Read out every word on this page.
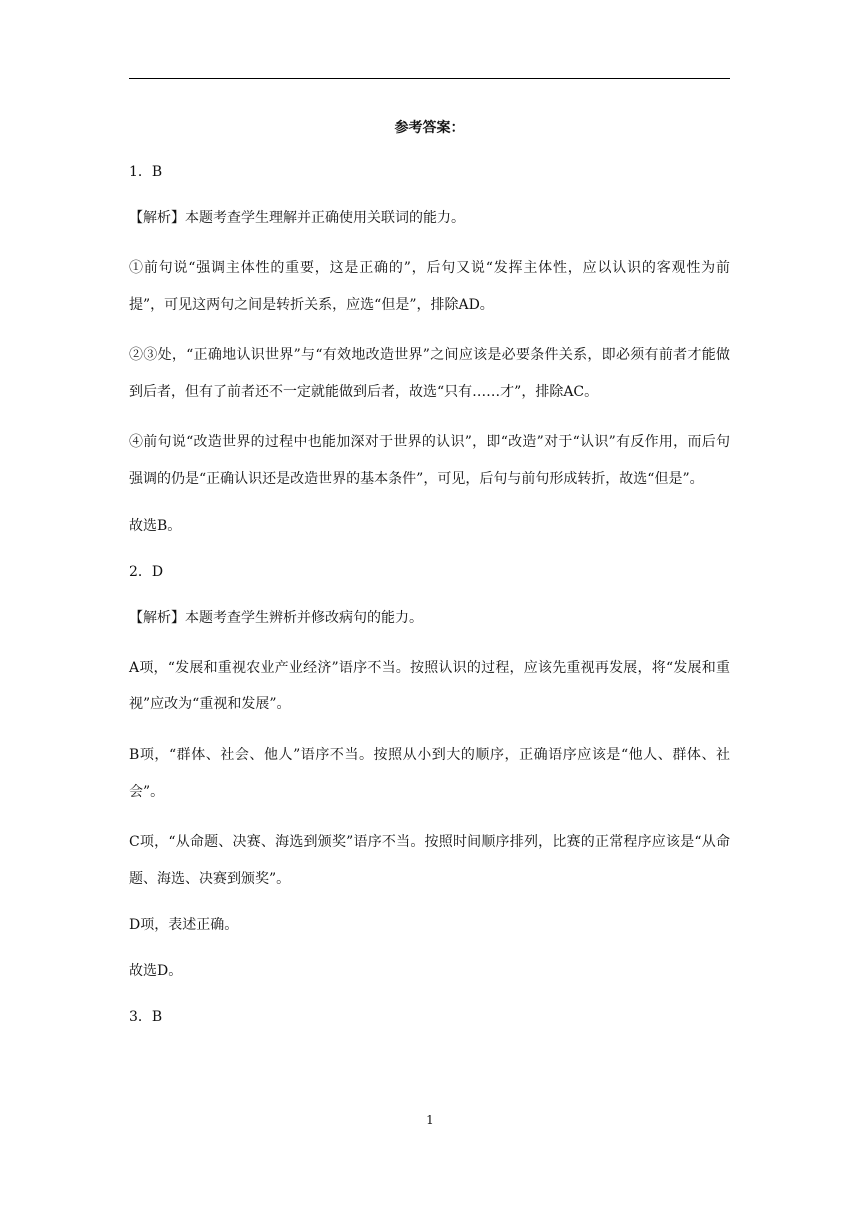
参考答案：

1．B

【解析】本题考查学生理解并正确使用关联词的能力。

①前句说“强调主体性的重要，这是正确的”，后句又说“发挥主体性，应以认识的客观性为前提”，可见这两句之间是转折关系，应选“但是”，排除AD。

②③处，“正确地认识世界”与“有效地改造世界”之间应该是必要条件关系，即必须有前者才能做到后者，但有了前者还不一定就能做到后者，故选“只有……才”，排除AC。

④前句说“改造世界的过程中也能加深对于世界的认识”，即“改造”对于“认识”有反作用，而后句强调的仍是“正确认识还是改造世界的基本条件”，可见，后句与前句形成转折，故选“但是”。

故选B。

2．D

【解析】本题考查学生辨析并修改病句的能力。

A项，“发展和重视农业产业经济”语序不当。按照认识的过程，应该先重视再发展，将“发展和重视”应改为“重视和发展”。

B项，“群体、社会、他人”语序不当。按照从小到大的顺序，正确语序应该是“他人、群体、社会”。

C项，“从命题、决赛、海选到颁奖”语序不当。按照时间顺序排列，比赛的正常程序应该是“从命题、海选、决赛到颁奖”。

D项，表述正确。

故选D。

3．B

1
